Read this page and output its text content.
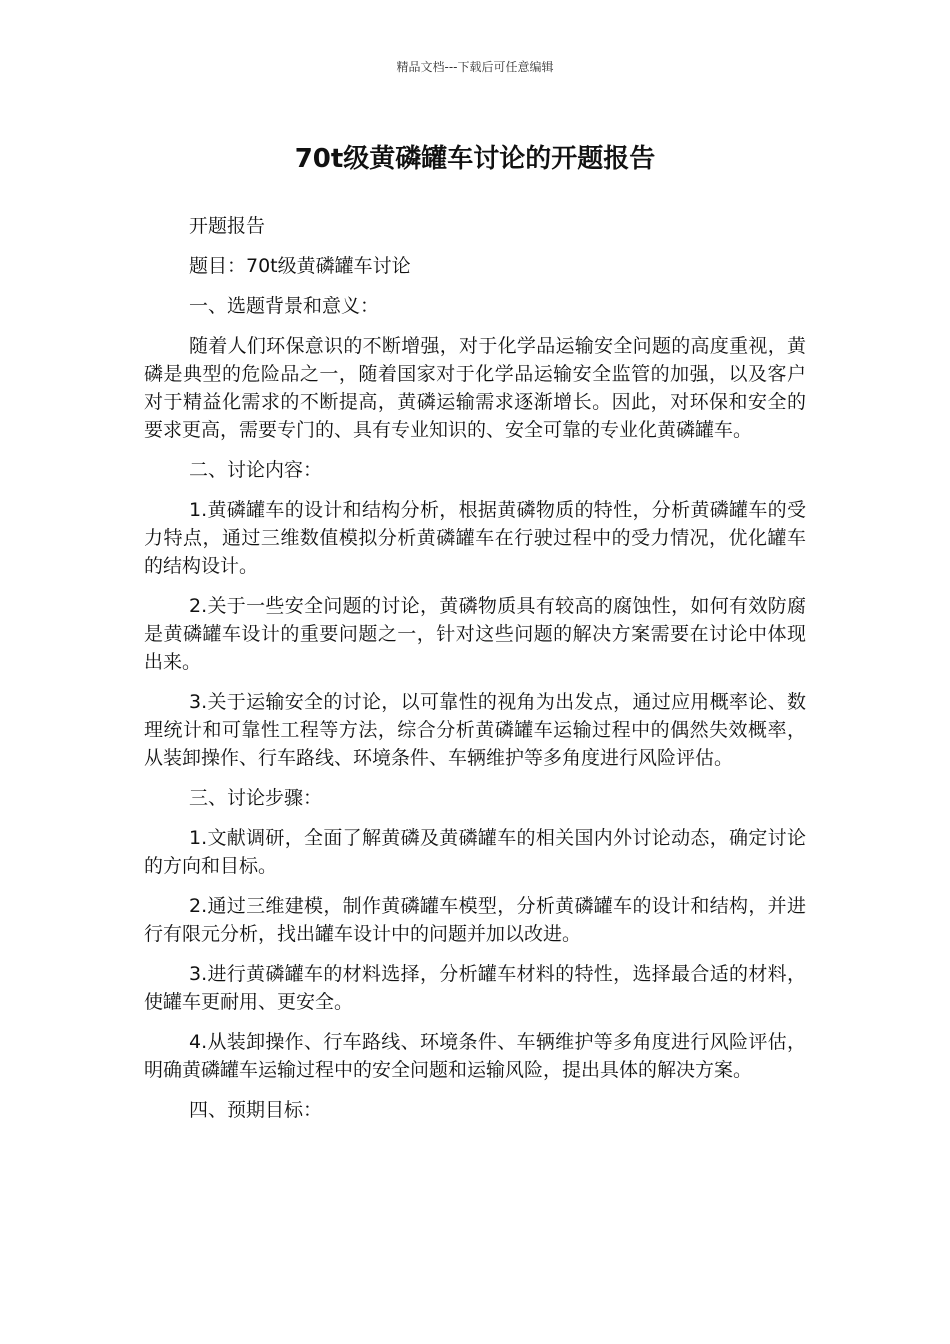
精品文档---下载后可任意编辑
70t级黄磷罐车讨论的开题报告

开题报告

题目：70t级黄磷罐车讨论

一、选题背景和意义：

随着人们环保意识的不断增强，对于化学品运输安全问题的高度重视，黄磷是典型的危险品之一，随着国家对于化学品运输安全监管的加强，以及客户对于精益化需求的不断提高，黄磷运输需求逐渐增长。因此，对环保和安全的要求更高，需要专门的、具有专业知识的、安全可靠的专业化黄磷罐车。

二、讨论内容：

1.黄磷罐车的设计和结构分析，根据黄磷物质的特性，分析黄磷罐车的受力特点，通过三维数值模拟分析黄磷罐车在行驶过程中的受力情况，优化罐车的结构设计。

2.关于一些安全问题的讨论，黄磷物质具有较高的腐蚀性，如何有效防腐是黄磷罐车设计的重要问题之一，针对这些问题的解决方案需要在讨论中体现出来。

3.关于运输安全的讨论，以可靠性的视角为出发点，通过应用概率论、数理统计和可靠性工程等方法，综合分析黄磷罐车运输过程中的偶然失效概率，从装卸操作、行车路线、环境条件、车辆维护等多角度进行风险评估。

三、讨论步骤：

1.文献调研，全面了解黄磷及黄磷罐车的相关国内外讨论动态，确定讨论的方向和目标。

2.通过三维建模，制作黄磷罐车模型，分析黄磷罐车的设计和结构，并进行有限元分析，找出罐车设计中的问题并加以改进。

3.进行黄磷罐车的材料选择，分析罐车材料的特性，选择最合适的材料，使罐车更耐用、更安全。

4.从装卸操作、行车路线、环境条件、车辆维护等多角度进行风险评估，明确黄磷罐车运输过程中的安全问题和运输风险，提出具体的解决方案。

四、预期目标：
